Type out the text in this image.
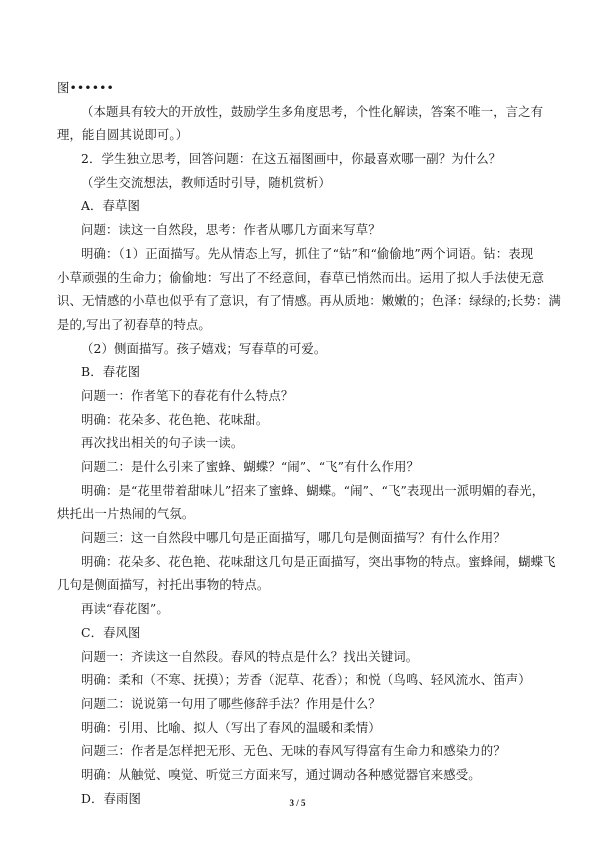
图••••••
（本题具有较大的开放性，鼓励学生多角度思考，个性化解读，答案不唯一，言之有
理，能自圆其说即可。）
2．学生独立思考，回答问题：在这五福图画中，你最喜欢哪一副？为什么？
（学生交流想法，教师适时引导，随机赏析）
A．春草图
问题：读这一自然段，思考：作者从哪几方面来写草？
明确：（1）正面描写。先从情态上写，抓住了“钻”和“偷偷地”两个词语。钻：表现
小草顽强的生命力；偷偷地：写出了不经意间，春草已悄然而出。运用了拟人手法使无意
识、无情感的小草也似乎有了意识，有了情感。再从质地：嫩嫩的；色泽：绿绿的;长势：满
是的,写出了初春草的特点。
（2）侧面描写。孩子嬉戏；写春草的可爱。
B．春花图
问题一：作者笔下的春花有什么特点？
明确：花朵多、花色艳、花味甜。
再次找出相关的句子读一读。
问题二：是什么引来了蜜蜂、蝴蝶？“闹”、“飞”有什么作用？
明确：是“花里带着甜味儿”招来了蜜蜂、蝴蝶。“闹”、“飞”表现出一派明媚的春光，
烘托出一片热闹的气氛。
问题三：这一自然段中哪几句是正面描写，哪几句是侧面描写？有什么作用？
明确：花朵多、花色艳、花味甜这几句是正面描写，突出事物的特点。蜜蜂闹，蝴蝶飞
几句是侧面描写，衬托出事物的特点。
再读“春花图”。
C．春风图
问题一：齐读这一自然段。春风的特点是什么？找出关键词。
明确：柔和（不寒、抚摸）；芳香（泥草、花香）；和悦（鸟鸣、轻风流水、笛声）
问题二：说说第一句用了哪些修辞手法？作用是什么？
明确：引用、比喻、拟人（写出了春风的温暖和柔情）
问题三：作者是怎样把无形、无色、无味的春风写得富有生命力和感染力的？
明确：从触觉、嗅觉、听觉三方面来写，通过调动各种感觉器官来感受。
D．春雨图	3 / 5
